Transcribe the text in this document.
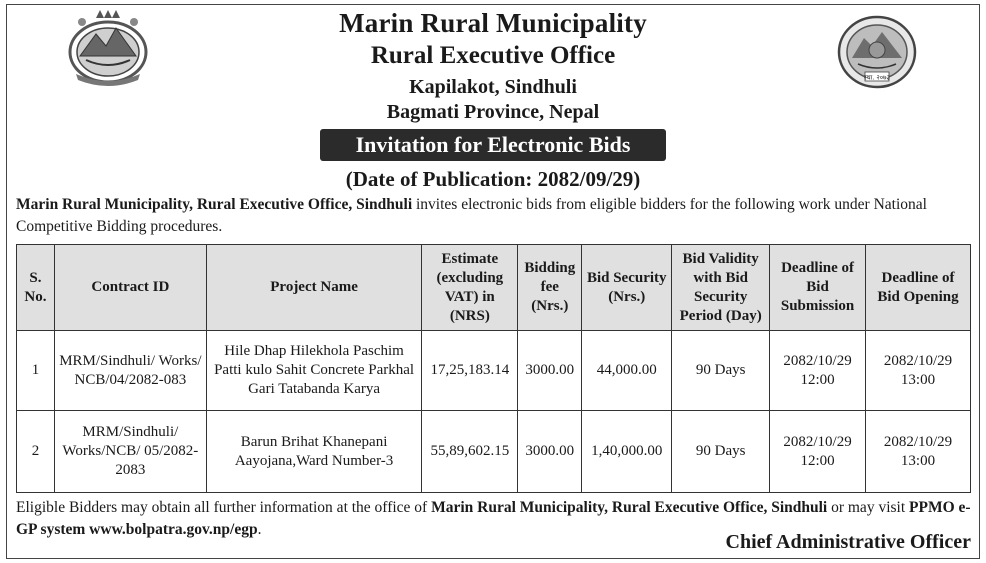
स्था. २०७३
Marin Rural Municipality
Rural Executive Office
Kapilakot, Sindhuli
Bagmati Province, Nepal
Invitation for Electronic Bids
(Date of Publication: 2082/09/29)
Marin Rural Municipality, Rural Executive Office, Sindhuli invites electronic bids from eligible bidders for the following work under National Competitive Bidding procedures.
S. No.	Contract ID	Project Name	Estimate (excluding VAT) in (NRS)	Bidding fee (Nrs.)	Bid Security (Nrs.)	Bid Validity with Bid Security Period (Day)	Deadline of Bid Submission	Deadline of Bid Opening
1	MRM/Sindhuli/ Works/ NCB/04/2082-083	Hile Dhap Hilekhola Paschim Patti kulo Sahit Concrete Parkhal Gari Tatabanda Karya	17,25,183.14	3000.00	44,000.00	90 Days	2082/10/29 12:00	2082/10/29 13:00
2	MRM/Sindhuli/ Works/NCB/ 05/2082-2083	Barun Brihat Khanepani Aayojana,Ward Number-3	55,89,602.15	3000.00	1,40,000.00	90 Days	2082/10/29 12:00	2082/10/29 13:00
Eligible Bidders may obtain all further information at the office of Marin Rural Municipality, Rural Executive Office, Sindhuli or may visit PPMO e-GP system www.bolpatra.gov.np/egp.
Chief Administrative Officer
